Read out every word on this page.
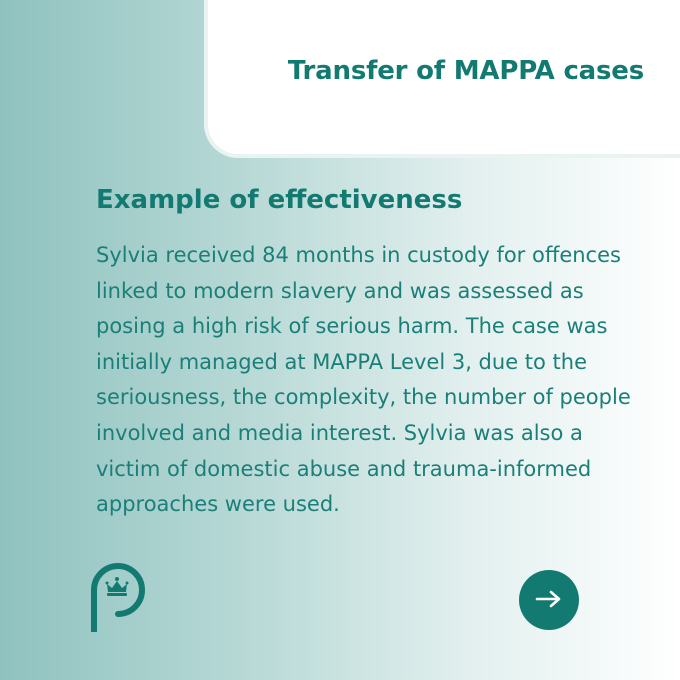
Transfer of MAPPA cases
Example of effectiveness

Sylvia received 84 months in custody for offences linked to modern slavery and was assessed as posing a high risk of serious harm. The case was initially managed at MAPPA Level 3, due to the seriousness, the complexity, the number of people involved and media interest. Sylvia was also a victim of domestic abuse and trauma-informed approaches were used.
